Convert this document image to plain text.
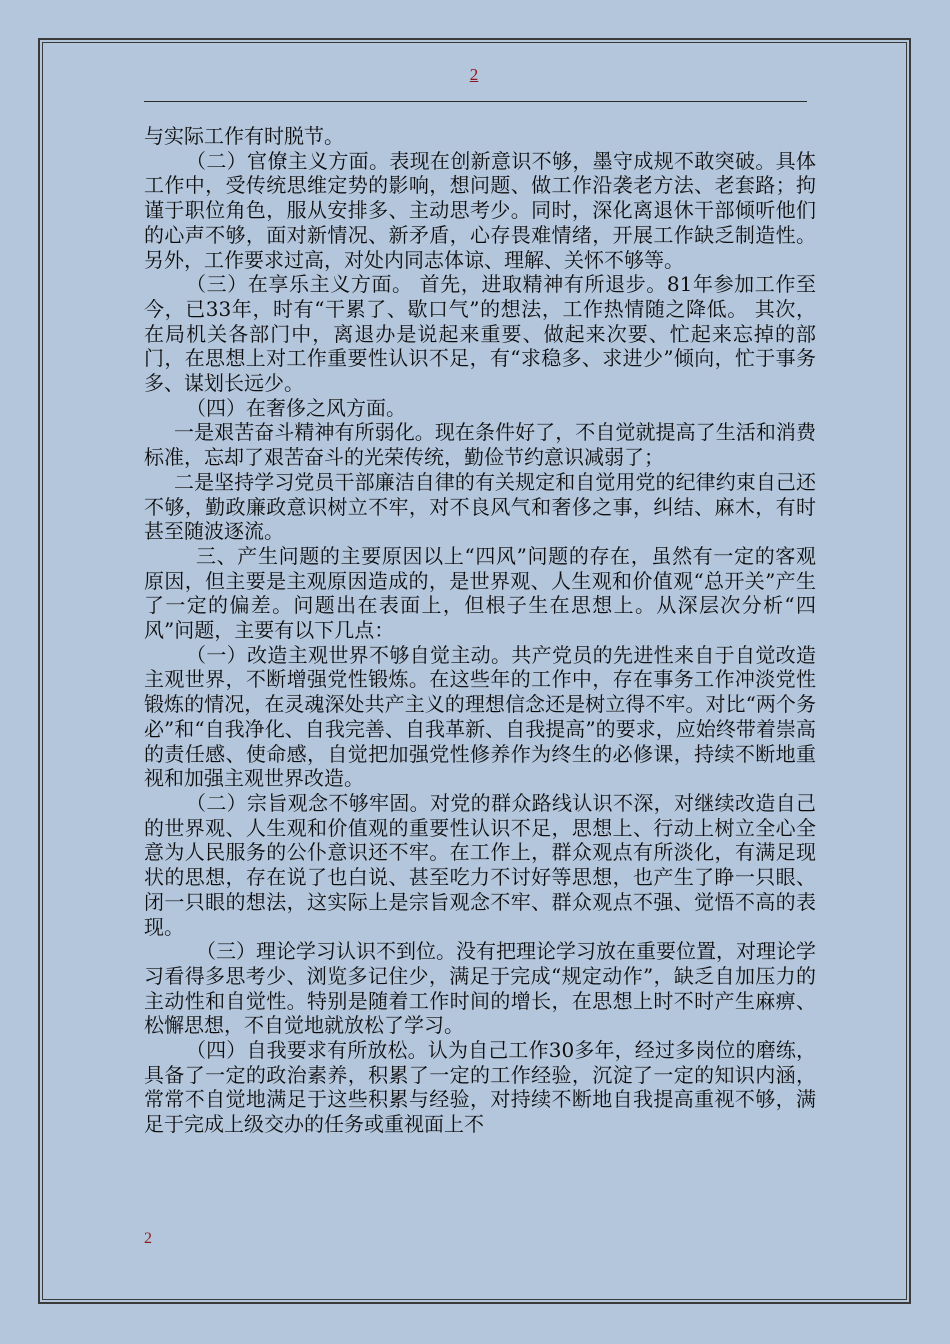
2

与实际工作有时脱节。

（二）官僚主义方面。表现在创新意识不够，墨守成规不敢突破。具体工作中，受传统思维定势的影响，想问题、做工作沿袭老方法、老套路；拘谨于职位角色，服从安排多、主动思考少。同时，深化离退休干部倾听他们的心声不够，面对新情况、新矛盾，心存畏难情绪，开展工作缺乏制造性。另外，工作要求过高，对处内同志体谅、理解、关怀不够等。

（三）在享乐主义方面。 首先，进取精神有所退步。81年参加工作至今，已33年，时有“干累了、歇口气”的想法，工作热情随之降低。 其次，在局机关各部门中，离退办是说起来重要、做起来次要、忙起来忘掉的部门，在思想上对工作重要性认识不足，有“求稳多、求进少”倾向，忙于事务多、谋划长远少。

（四）在奢侈之风方面。

一是艰苦奋斗精神有所弱化。现在条件好了，不自觉就提高了生活和消费标准，忘却了艰苦奋斗的光荣传统，勤俭节约意识减弱了；

二是坚持学习党员干部廉洁自律的有关规定和自觉用党的纪律约束自己还不够，勤政廉政意识树立不牢，对不良风气和奢侈之事，纠结、麻木，有时甚至随波逐流。

三、产生问题的主要原因以上“四风”问题的存在，虽然有一定的客观原因，但主要是主观原因造成的，是世界观、人生观和价值观“总开关”产生了一定的偏差。问题出在表面上，但根子生在思想上。从深层次分析“四风”问题，主要有以下几点：

（一）改造主观世界不够自觉主动。共产党员的先进性来自于自觉改造主观世界，不断增强党性锻炼。在这些年的工作中，存在事务工作冲淡党性锻炼的情况，在灵魂深处共产主义的理想信念还是树立得不牢。对比“两个务必”和“自我净化、自我完善、自我革新、自我提高”的要求，应始终带着崇高的责任感、使命感，自觉把加强党性修养作为终生的必修课，持续不断地重视和加强主观世界改造。

（二）宗旨观念不够牢固。对党的群众路线认识不深，对继续改造自己的世界观、人生观和价值观的重要性认识不足，思想上、行动上树立全心全意为人民服务的公仆意识还不牢。在工作上，群众观点有所淡化，有满足现状的思想，存在说了也白说、甚至吃力不讨好等思想，也产生了睁一只眼、闭一只眼的想法，这实际上是宗旨观念不牢、群众观点不强、觉悟不高的表现。

（三）理论学习认识不到位。没有把理论学习放在重要位置，对理论学习看得多思考少、浏览多记住少，满足于完成“规定动作”，缺乏自加压力的主动性和自觉性。特别是随着工作时间的增长，在思想上时不时产生麻痹、松懈思想，不自觉地就放松了学习。

（四）自我要求有所放松。认为自己工作30多年，经过多岗位的磨练，具备了一定的政治素养，积累了一定的工作经验，沉淀了一定的知识内涵，常常不自觉地满足于这些积累与经验，对持续不断地自我提高重视不够，满足于完成上级交办的任务或重视面上不

2
